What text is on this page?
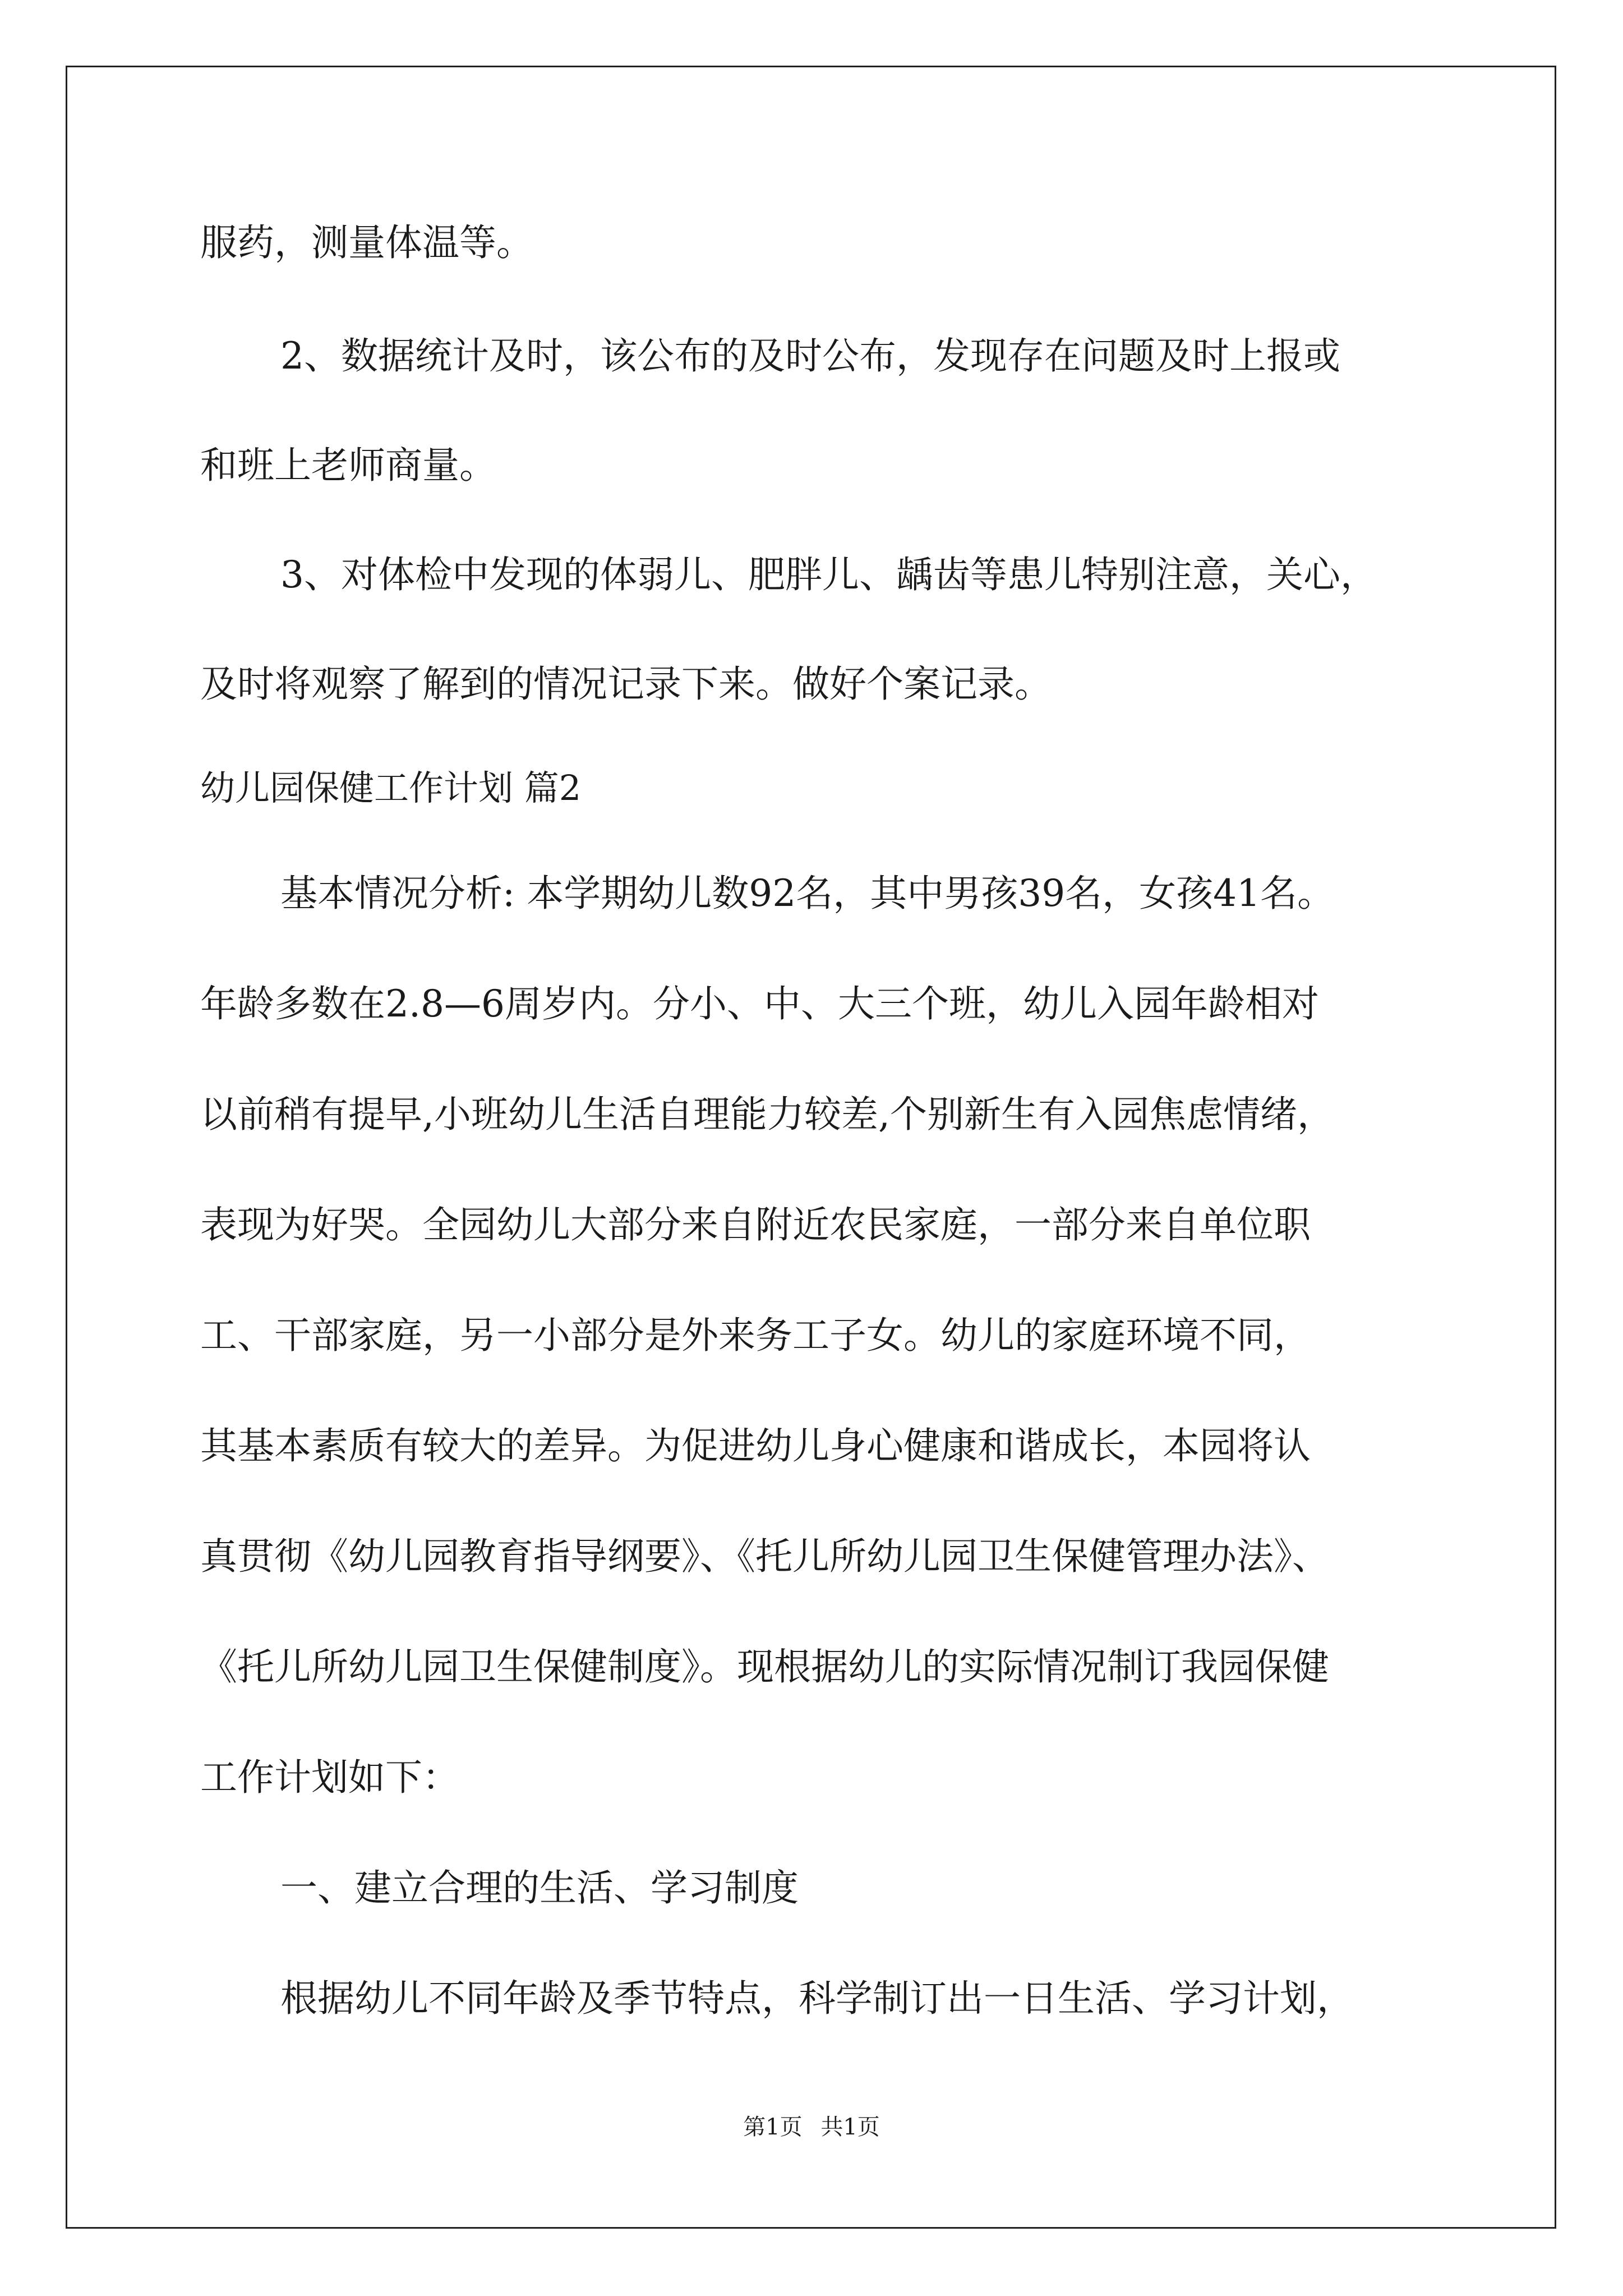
服药，测量体温等。
2、数据统计及时，该公布的及时公布，发现存在问题及时上报或
和班上老师商量。
3、对体检中发现的体弱儿、肥胖儿、龋齿等患儿特别注意，关心，
及时将观察了解到的情况记录下来。做好个案记录。
幼儿园保健工作计划 篇2
基本情况分析: 本学期幼儿数92名，其中男孩39名，女孩41名。
年龄多数在2.8—6周岁内。分小、中、大三个班，幼儿入园年龄相对
以前稍有提早,小班幼儿生活自理能力较差,个别新生有入园焦虑情绪，
表现为好哭。全园幼儿大部分来自附近农民家庭，一部分来自单位职
工、干部家庭，另一小部分是外来务工子女。幼儿的家庭环境不同，
其基本素质有较大的差异。为促进幼儿身心健康和谐成长，本园将认
真贯彻《幼儿园教育指导纲要》、《托儿所幼儿园卫生保健管理办法》、
《托儿所幼儿园卫生保健制度》。现根据幼儿的实际情况制订我园保健
工作计划如下：
一、建立合理的生活、学习制度
根据幼儿不同年龄及季节特点，科学制订出一日生活、学习计划，
第1页 共1页
